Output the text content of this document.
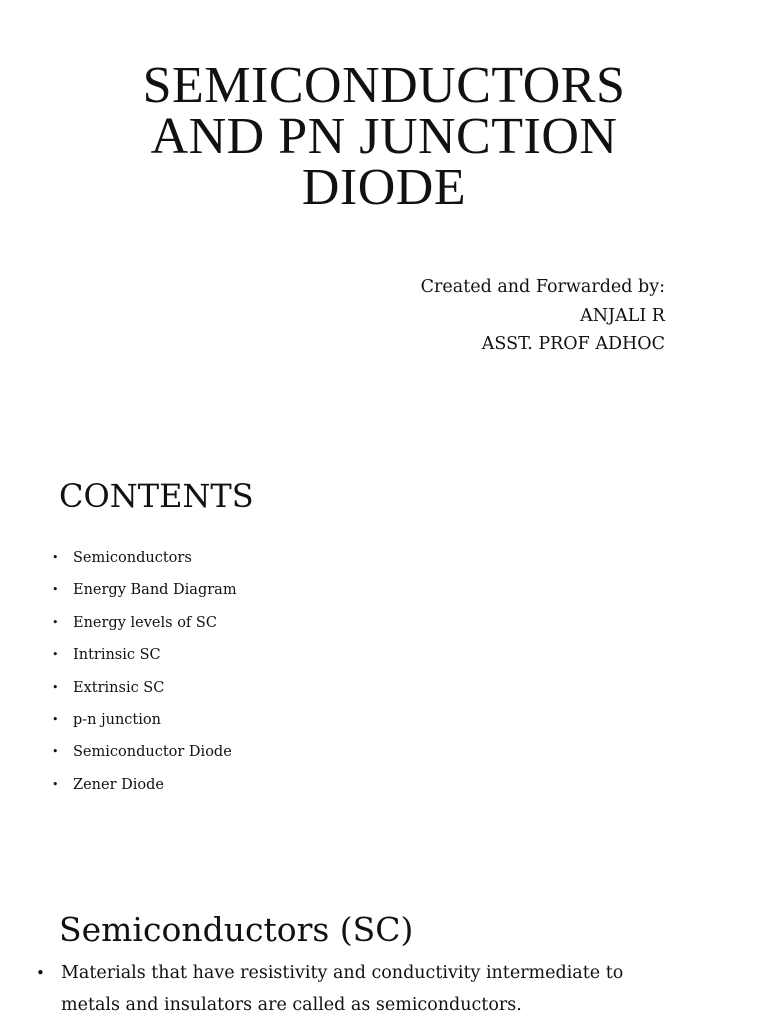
SEMICONDUCTORS
AND PN JUNCTION
DIODE
Created and Forwarded by:
ANJALI R
ASST. PROF ADHOC
CONTENTS
• Semiconductors
• Energy Band Diagram
• Energy levels of SC
• Intrinsic SC
• Extrinsic SC
• p-n junction
• Semiconductor Diode
• Zener Diode
Semiconductors (SC)
• Materials that have resistivity and conductivity intermediate to metals and insulators are called as semiconductors.
